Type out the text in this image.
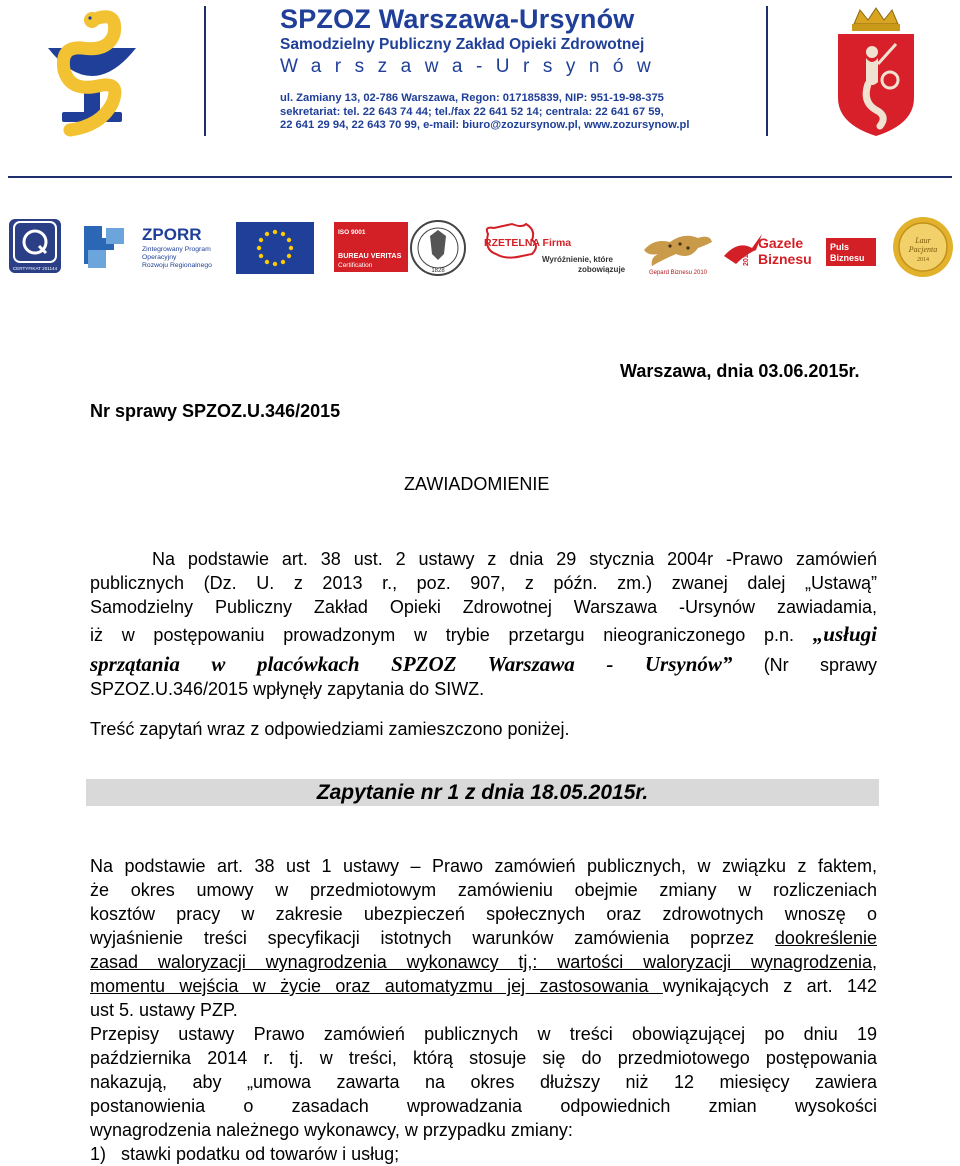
SPZOZ Warszawa-Ursynów
Samodzielny Publiczny Zakład Opieki Zdrowotnej
Warszawa-Ursynów
ul. Zamiany 13, 02-786 Warszawa, Regon: 017185839, NIP: 951-19-98-375
sekretariat: tel. 22 643 74 44; tel./fax 22 641 52 14; centrala: 22 641 67 59,
22 641 29 94, 22 643 70 99, e-mail: biuro@zozursynow.pl, www.zozursynow.pl
CERTYFIKAT 201144
ZPORR
Zintegrowany Program
Operacyjny
Rozwoju Regionalnego
ISO 9001
BUREAU VERITAS
Certification
1828
RZETELNA Firma
Wyróżnienie, które
zobowiązuje	Gepard Biznesu 2010
2010
Gazele
Biznesu
Puls
Biznesu
Laur
Pacjenta
2014
Warszawa, dnia 03.06.2015r.
Nr sprawy SPZOZ.U.346/2015
ZAWIADOMIENIE
Na podstawie art. 38 ust. 2 ustawy z dnia 29 stycznia 2004r -Prawo zamówień
publicznych (Dz. U. z 2013 r., poz. 907, z późn. zm.) zwanej dalej „Ustawą”
Samodzielny Publiczny Zakład Opieki Zdrowotnej Warszawa -Ursynów zawiadamia,
iż w postępowaniu prowadzonym w trybie przetargu nieograniczonego p.n. „usługi
sprzątania w placówkach SPZOZ Warszawa - Ursynów” (Nr sprawy
SPZOZ.U.346/2015 wpłynęły zapytania do SIWZ.
Treść zapytań wraz z odpowiedziami zamieszczono poniżej.
Zapytanie nr 1 z dnia 18.05.2015r.
Na podstawie art. 38 ust 1 ustawy – Prawo zamówień publicznych, w związku z faktem,
że okres umowy w przedmiotowym zamówieniu obejmie zmiany w rozliczeniach
kosztów pracy w zakresie ubezpieczeń społecznych oraz zdrowotnych wnoszę o
wyjaśnienie treści specyfikacji istotnych warunków zamówienia poprzez dookreślenie
zasad waloryzacji wynagrodzenia wykonawcy tj,: wartości waloryzacji wynagrodzenia,
momentu wejścia w życie oraz automatyzmu jej zastosowania wynikających z art. 142
ust 5. ustawy PZP.
Przepisy ustawy Prawo zamówień publicznych w treści obowiązującej po dniu 19
października 2014 r. tj. w treści, którą stosuje się do przedmiotowego postępowania
nakazują, aby „umowa zawarta na okres dłuższy niż 12 miesięcy zawiera
postanowienia o zasadach wprowadzania odpowiednich zmian wysokości
wynagrodzenia należnego wykonawcy, w przypadku zmiany:
1)   stawki podatku od towarów i usług;
